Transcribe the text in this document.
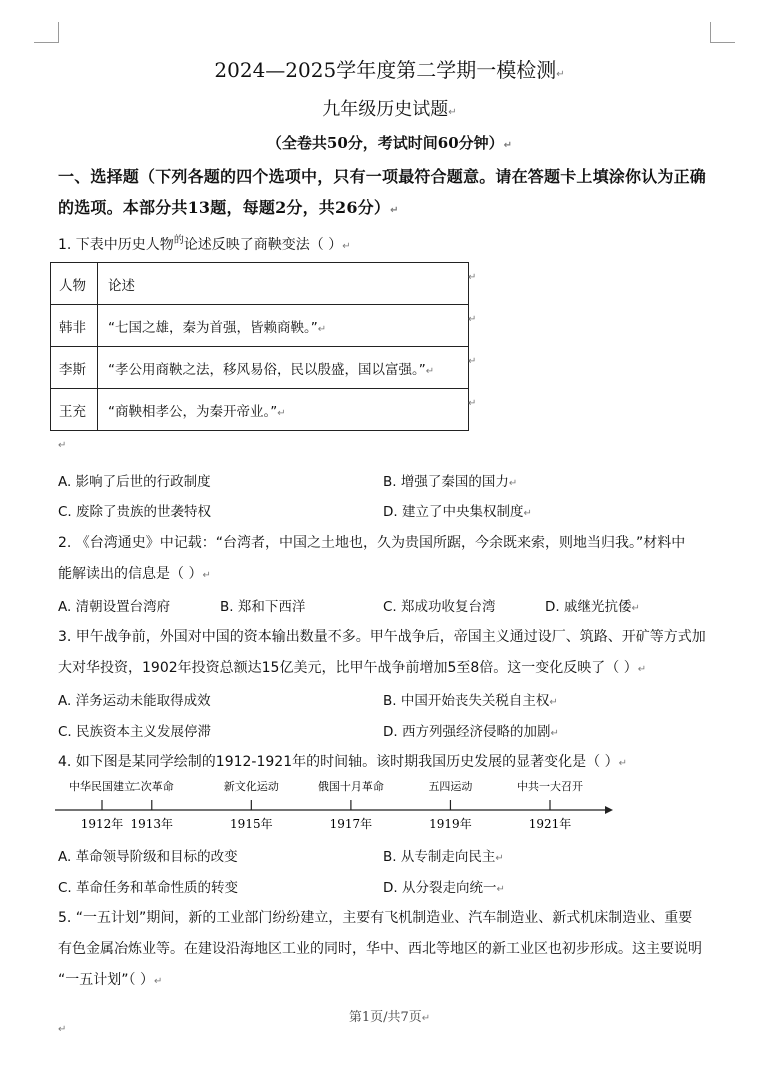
2024—2025学年度第二学期一模检测↵
九年级历史试题↵
（全卷共50分，考试时间60分钟）↵
一、选择题（下列各题的四个选项中，只有一项最符合题意。请在答题卡上填涂你认为正确
的选项。本部分共13题，每题2分，共26分）↵
1. 下表中历史人物$^的$论述反映了商鞅变法（ ）↵
人物	论述
韩非	“七国之雄，秦为首强，皆赖商鞅。”↵
李斯	“孝公用商鞅之法，移风易俗，民以殷盛，国以富强。”↵
王充	“商鞅相孝公，为秦开帝业。”↵
↵
↵
↵
↵
↵
A. 影响了后世的行政制度	B. 增强了秦国的国力↵
C. 废除了贵族的世袭特权	D. 建立了中央集权制度↵
2. 《台湾通史》中记载：“台湾者，中国之土地也，久为贵国所踞，今余既来索，则地当归我。”材料中
能解读出的信息是（ ）↵
A. 清朝设置台湾府	B. 郑和下西洋	C. 郑成功收复台湾	D. 戚继光抗倭↵
3. 甲午战争前，外国对中国的资本输出数量不多。甲午战争后，帝国主义通过设厂、筑路、开矿等方式加
大对华投资，1902年投资总额达15亿美元，比甲午战争前增加5至8倍。这一变化反映了（ ）↵
A. 洋务运动未能取得成效	B. 中国开始丧失关税自主权↵
C. 民族资本主义发展停滞	D. 西方列强经济侵略的加剧↵
4. 如下图是某同学绘制的1912-1921年的时间轴。该时期我国历史发展的显著变化是（ ）↵
中华民国建立
1912年
二次革命
1913年
新文化运动
1915年
俄国十月革命
1917年
五四运动
1919年
中共一大召开
1921年
A. 革命领导阶级和目标的改变	B. 从专制走向民主↵
C. 革命任务和革命性质的转变	D. 从分裂走向统一↵
5. “一五计划”期间，新的工业部门纷纷建立，主要有飞机制造业、汽车制造业、新式机床制造业、重要
有色金属冶炼业等。在建设沿海地区工业的同时，华中、西北等地区的新工业区也初步形成。这主要说明
“一五计划”（ ）↵
第1页/共7页↵
↵
